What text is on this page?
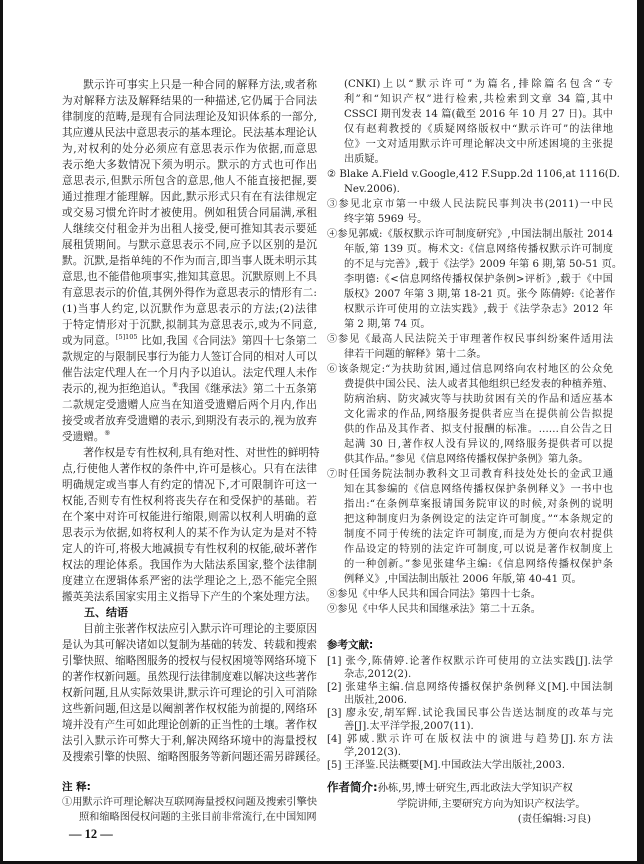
默示许可事实上只是一种合同的解释方法,或者称
为对解释方法及解释结果的一种描述,它仍属于合同法
律制度的范畴,是现有合同法理论及知识体系的一部分,
其应遵从民法中意思表示的基本理论。民法基本理论认
为,对权利的处分必须应有意思表示作为依据,而意思
表示绝大多数情况下须为明示。默示的方式也可作出
意思表示,但默示所包含的意思,他人不能直接把握,要
通过推理才能理解。因此,默示形式只有在有法律规定
或交易习惯允许时才被使用。例如租赁合同届满,承租
人继续交付租金并为出租人接受,便可推知其表示要延
展租赁期间。与默示意思表示不同,应予以区别的是沉
默。沉默,是指单纯的不作为而言,即当事人既未明示其
意思,也不能借他项事实,推知其意思。沉默原则上不具
有意思表示的价值,其例外得作为意思表示的情形有二:
(1)当事人约定,以沉默作为意思表示的方法;(2)法律
于特定情形对于沉默,拟制其为意思表示,或为不同意,
或为同意。$^{[5]105}$ 比如,我国《合同法》第四十七条第二
款规定的与限制民事行为能力人签订合同的相对人可以
催告法定代理人在一个月内予以追认。法定代理人未作
表示的,视为拒绝追认。⑧我国《继承法》第二十五条第
二款规定受遗赠人应当在知道受遗赠后两个月内,作出
接受或者放弃受遗赠的表示,到期没有表示的,视为放弃
受遗赠。⑨
著作权是专有性权利,具有绝对性、对世性的鲜明特
点,行使他人著作权的条件中,许可是核心。只有在法律
明确规定或当事人有约定的情况下,才可限制许可这一
权能,否则专有性权利将丧失存在和受保护的基础。若
在个案中对许可权能进行缩限,则需以权利人明确的意
思表示为依据,如将权利人的某不作为认定为是对不特
定人的许可,将极大地减损专有性权利的权能,破坏著作
权法的理论体系。我国作为大陆法系国家,整个法律制
度建立在逻辑体系严密的法学理论之上,恐不能完全照
搬英美法系国家实用主义指导下产生的个案处理方法。
五、结语
目前主张著作权法应引入默示许可理论的主要原因
是认为其可解决诸如以复制为基础的转发、转载和搜索
引擎快照、缩略图服务的授权与侵权困境等网络环境下
的著作权新问题。虽然现行法律制度难以解决这些著作
权新问题,且从实际效果讲,默示许可理论的引入可消除
这些新问题,但这是以阉割著作权权能为前提的,网络环
境并没有产生可如此理论创新的正当性的土壤。著作权
法引入默示许可弊大于利,解决网络环境中的海量授权
及搜索引擎的快照、缩略图服务等新问题还需另辟蹊径。
注 释:
①用默示许可理论解决互联网海量授权问题及搜索引擎快
照和缩略图侵权问题的主张目前非常流行,在中国知网
(CNKI)上以“默示许可”为篇名,排除篇名包含“专
利”和“知识产权”进行检索,共检索到文章 34 篇,其中
CSSCI 期刊发表 14 篇(截至 2016 年 10 月 27 日)。其中
仅有赵莉教授的《质疑网络版权中“默示许可”的法律地
位》一文对适用默示许可理论解决文中所述困境的主张提
出质疑。
② Blake A.Field v.Google,412 F.Supp.2d 1106,at 1116(D.
Nev.2006).
③参见北京市第一中级人民法院民事判决书(2011)一中民
终字第 5969 号。
④参见郭威:《版权默示许可制度研究》,中国法制出版社 2014
年版,第 139 页。梅术文:《信息网络传播权默示许可制度
的不足与完善》,载于《法学》2009 年第 6 期,第 50-51 页。
李明德:《<信息网络传播权保护条例>评析》,载于《中国
版权》2007 年第 3 期,第 18-21 页。张今 陈倩婷:《论著作
权默示许可使用的立法实践》,载于《法学杂志》2012 年
第 2 期,第 74 页。
⑤参见《最高人民法院关于审理著作权民事纠纷案件适用法
律若干问题的解释》第十二条。
⑥该条规定:“为扶助贫困,通过信息网络向农村地区的公众免
费提供中国公民、法人或者其他组织已经发表的种植养殖、
防病治病、防灾减灾等与扶助贫困有关的作品和适应基本
文化需求的作品,网络服务提供者应当在提供前公告拟提
供的作品及其作者、拟支付报酬的标准。……自公告之日
起满 30 日,著作权人没有异议的,网络服务提供者可以提
供其作品。”参见《信息网络传播权保护条例》第九条。
⑦时任国务院法制办教科文卫司教育科技处处长的金武卫通
知在其参编的《信息网络传播权保护条例释义》一书中也
指出:“在条例草案报请国务院审议的时候,对条例的说明
把这种制度归为条例设定的法定许可制度。”“本条规定的
制度不同于传统的法定许可制度,而是为方便向农村提供
作品设定的特别的法定许可制度,可以说是著作权制度上
的一种创新。”参见张建华主编:《信息网络传播权保护条
例释义》,中国法制出版社 2006 年版,第 40-41 页。
⑧参见《中华人民共和国合同法》第四十七条。
⑨参见《中华人民共和国继承法》第二十五条。
参考文献:
[1] 张今,陈倩婷.论著作权默示许可使用的立法实践[J].法学
杂志,2012(2).
[2] 张建华主编.信息网络传播权保护条例释义[M].中国法制
出版社,2006.
[3] 廖永安,胡军辉.试论我国民事公告送达制度的改革与完
善[J].太平洋学报,2007(11).
[4] 郭威.默示许可在版权法中的演进与趋势[J].东方法
学,2012(3).
[5] 王泽鉴.民法概要[M].中国政法大学出版社,2003.
作者简介:孙栋,男,博士研究生,西北政法大学知识产权
学院讲师,主要研究方向为知识产权法学。
(责任编辑:习良)
— 12 —
